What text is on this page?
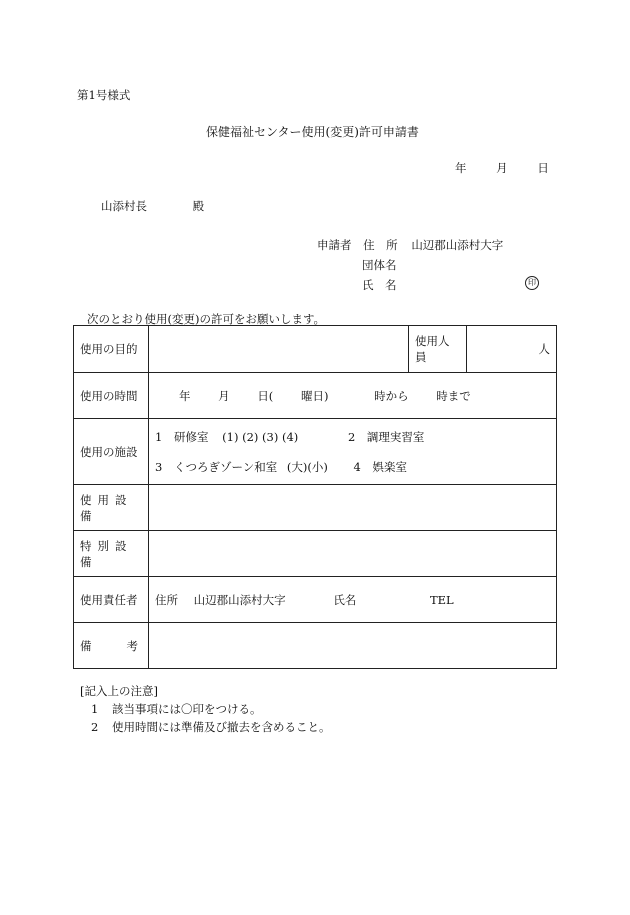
第1号様式
保健福祉センター使用(変更)許可申請書
年	月	日
山添村長	殿
申請者 住　所 山辺郡山添村大字
団体名
氏　名	印
次のとおり使用(変更)の許可をお願いします。
使用の目的		使用人員	人
使用の時間	年 月 日( 曜日) 時から 時まで		
使用の施設	1 研修室 (1) (2) (3) (4) 2 調理実習室
3 くつろぎゾーン和室 (大)(小) 4 娯楽室		

使用設備			
特別設備			
使用責任者	住所 山辺郡山添村大字 氏名 TEL		
備 考			

[記入上の注意]
1 該当事項には〇印をつける。
2 使用時間には準備及び撤去を含めること。
